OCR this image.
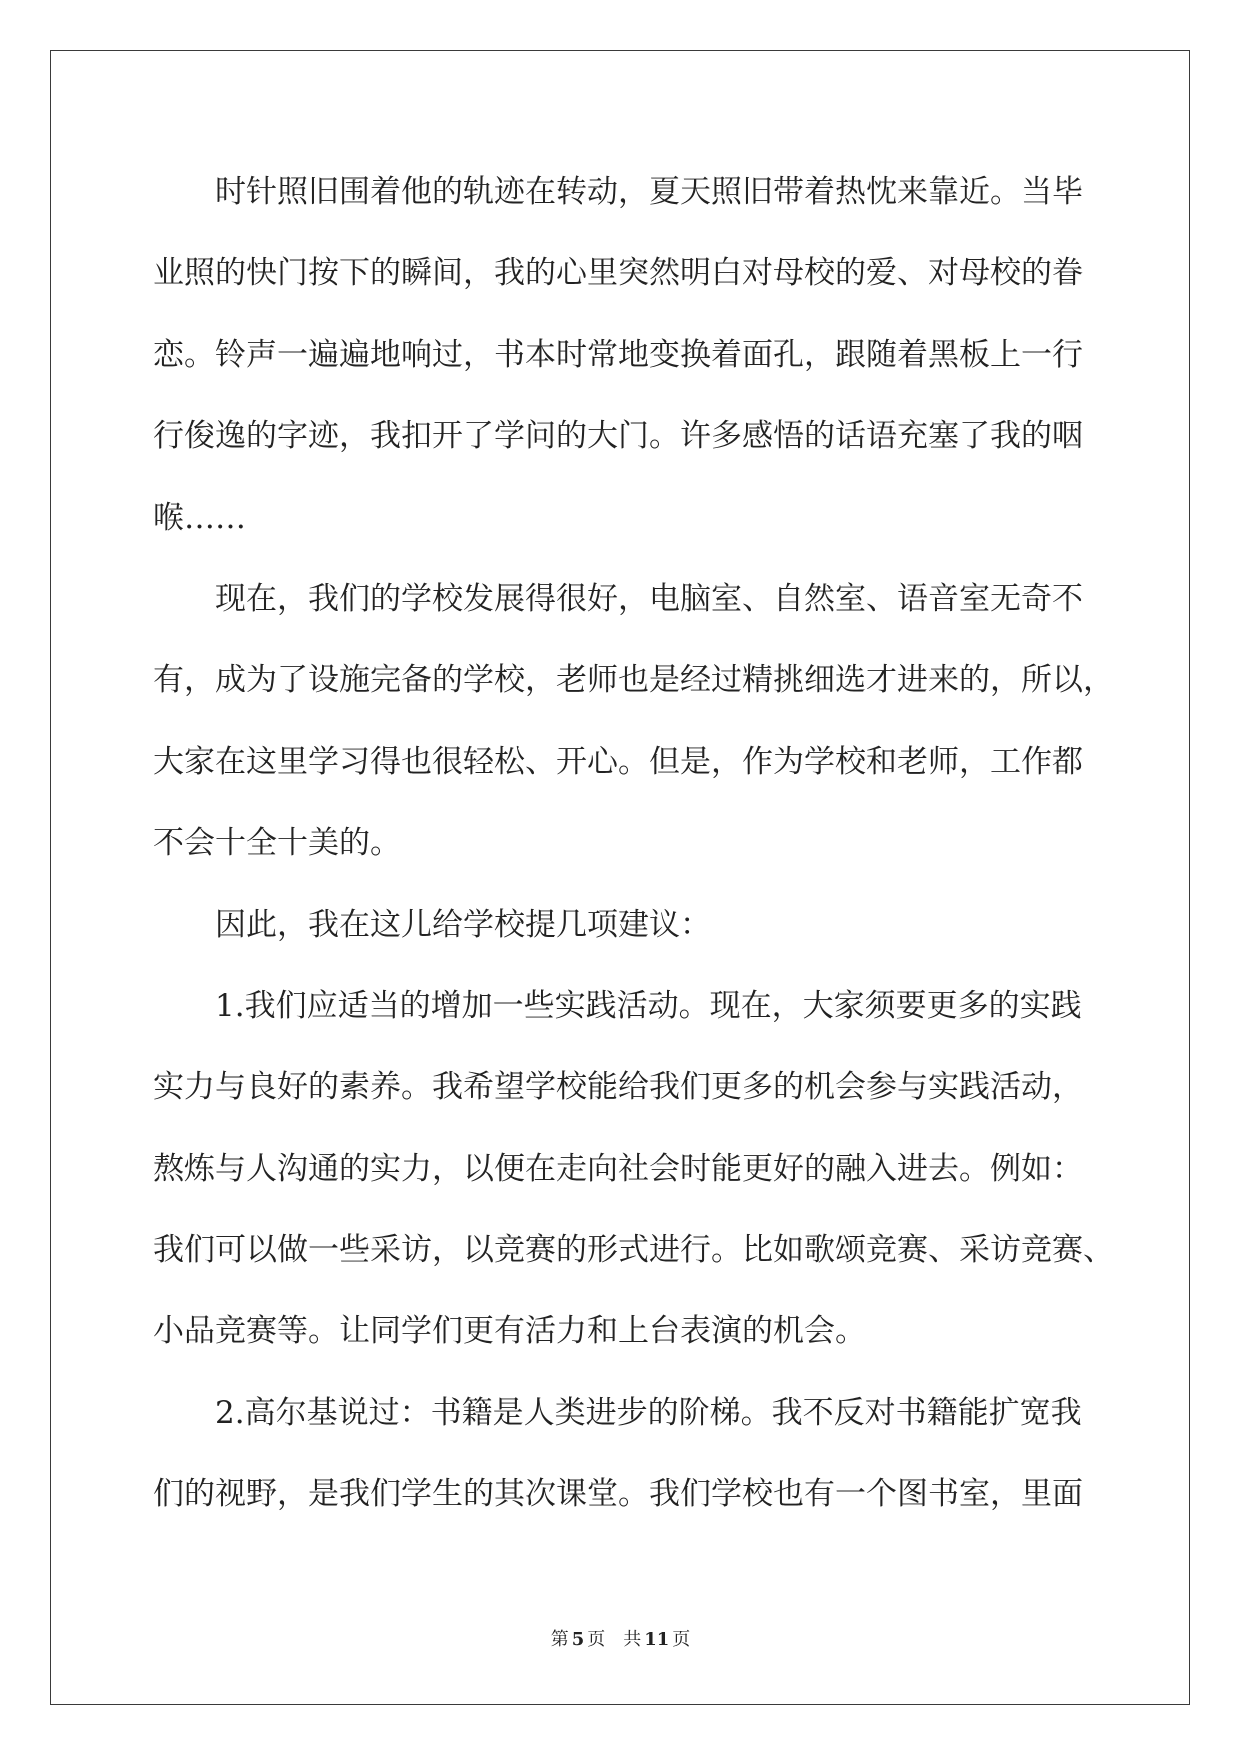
时针照旧围着他的轨迹在转动，夏天照旧带着热忱来靠近。当毕
业照的快门按下的瞬间，我的心里突然明白对母校的爱、对母校的眷
恋。铃声一遍遍地响过，书本时常地变换着面孔，跟随着黑板上一行
行俊逸的字迹，我扣开了学问的大门。许多感悟的话语充塞了我的咽
喉……
现在，我们的学校发展得很好，电脑室、自然室、语音室无奇不
有，成为了设施完备的学校，老师也是经过精挑细选才进来的，所以，
大家在这里学习得也很轻松、开心。但是，作为学校和老师，工作都
不会十全十美的。
因此，我在这儿给学校提几项建议：
1.我们应适当的增加一些实践活动。现在，大家须要更多的实践
实力与良好的素养。我希望学校能给我们更多的机会参与实践活动，
熬炼与人沟通的实力，以便在走向社会时能更好的融入进去。例如：
我们可以做一些采访，以竞赛的形式进行。比如歌颂竞赛、采访竞赛、
小品竞赛等。让同学们更有活力和上台表演的机会。
2.高尔基说过：书籍是人类进步的阶梯。我不反对书籍能扩宽我
们的视野，是我们学生的其次课堂。我们学校也有一个图书室，里面
第 5 页 共 11 页
